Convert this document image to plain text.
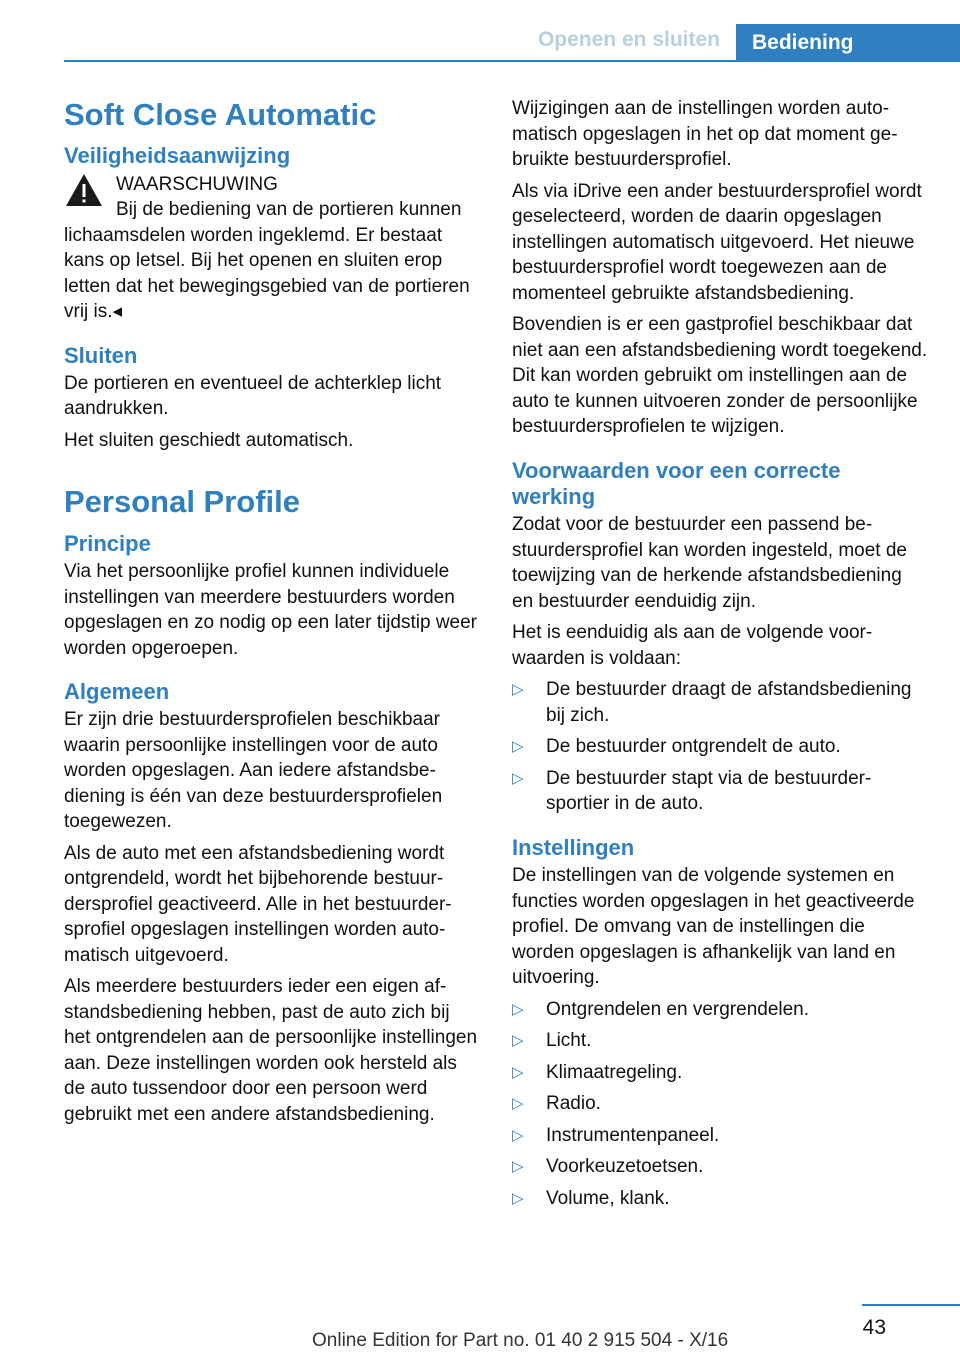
Openen en sluiten	Bediening
Soft Close Automatic
Veiligheidsaanwijzing
WAARSCHUWING

Bij de bediening van de portieren kunnen lichaamsdelen worden ingeklemd. Er bestaat kans op letsel. Bij het openen en sluiten erop letten dat het bewegingsgebied van de portieren vrij is.◂

Sluiten

De portieren en eventueel de achterklep licht aandrukken.

Het sluiten geschiedt automatisch.

Personal Profile
Principe

Via het persoonlijke profiel kunnen individuele instellingen van meerdere bestuurders worden opgeslagen en zo nodig op een later tijdstip weer worden opgeroepen.

Algemeen

Er zijn drie bestuurdersprofielen beschikbaar waarin persoonlijke instellingen voor de auto worden opgeslagen. Aan iedere afstandsbediening is één van deze bestuurdersprofielen toegewezen.

Als de auto met een afstandsbediening wordt ontgrendeld, wordt het bijbehorende bestuurdersprofiel geactiveerd. Alle in het bestuurdersprofiel opgeslagen instellingen worden automatisch uitgevoerd.

Als meerdere bestuurders ieder een eigen afstandsbediening hebben, past de auto zich bij het ontgrendelen aan de persoonlijke instellingen aan. Deze instellingen worden ook hersteld als de auto tussendoor door een persoon werd gebruikt met een andere afstandsbediening.

Wijzigingen aan de instellingen worden automatisch opgeslagen in het op dat moment gebruikte bestuurdersprofiel.

Als via iDrive een ander bestuurdersprofiel wordt geselecteerd, worden de daarin opgeslagen instellingen automatisch uitgevoerd. Het nieuwe bestuurdersprofiel wordt toegewezen aan de momenteel gebruikte afstandsbediening.

Bovendien is er een gastprofiel beschikbaar dat niet aan een afstandsbediening wordt toegekend. Dit kan worden gebruikt om instellingen aan de auto te kunnen uitvoeren zonder de persoonlijke bestuurdersprofielen te wijzigen.

Voorwaarden voor een correcte werking

Zodat voor de bestuurder een passend bestuurdersprofiel kan worden ingesteld, moet de toewijzing van de herkende afstandsbediening en bestuurder eenduidig zijn.

Het is eenduidig als aan de volgende voorwaarden is voldaan:

▷ De bestuurder draagt de afstandsbediening bij zich.
▷ De bestuurder ontgrendelt de auto.
▷ De bestuurder stapt via de bestuurdersportier in de auto.
Instellingen

De instellingen van de volgende systemen en functies worden opgeslagen in het geactiveerde profiel. De omvang van de instellingen die worden opgeslagen is afhankelijk van land en uitvoering.

▷ Ontgrendelen en vergrendelen.
▷ Licht.
▷ Klimaatregeling.
▷ Radio.
▷ Instrumentenpaneel.
▷ Voorkeuzetoetsen.
▷ Volume, klank.
43
Online Edition for Part no. 01 40 2 915 504 - X/16
